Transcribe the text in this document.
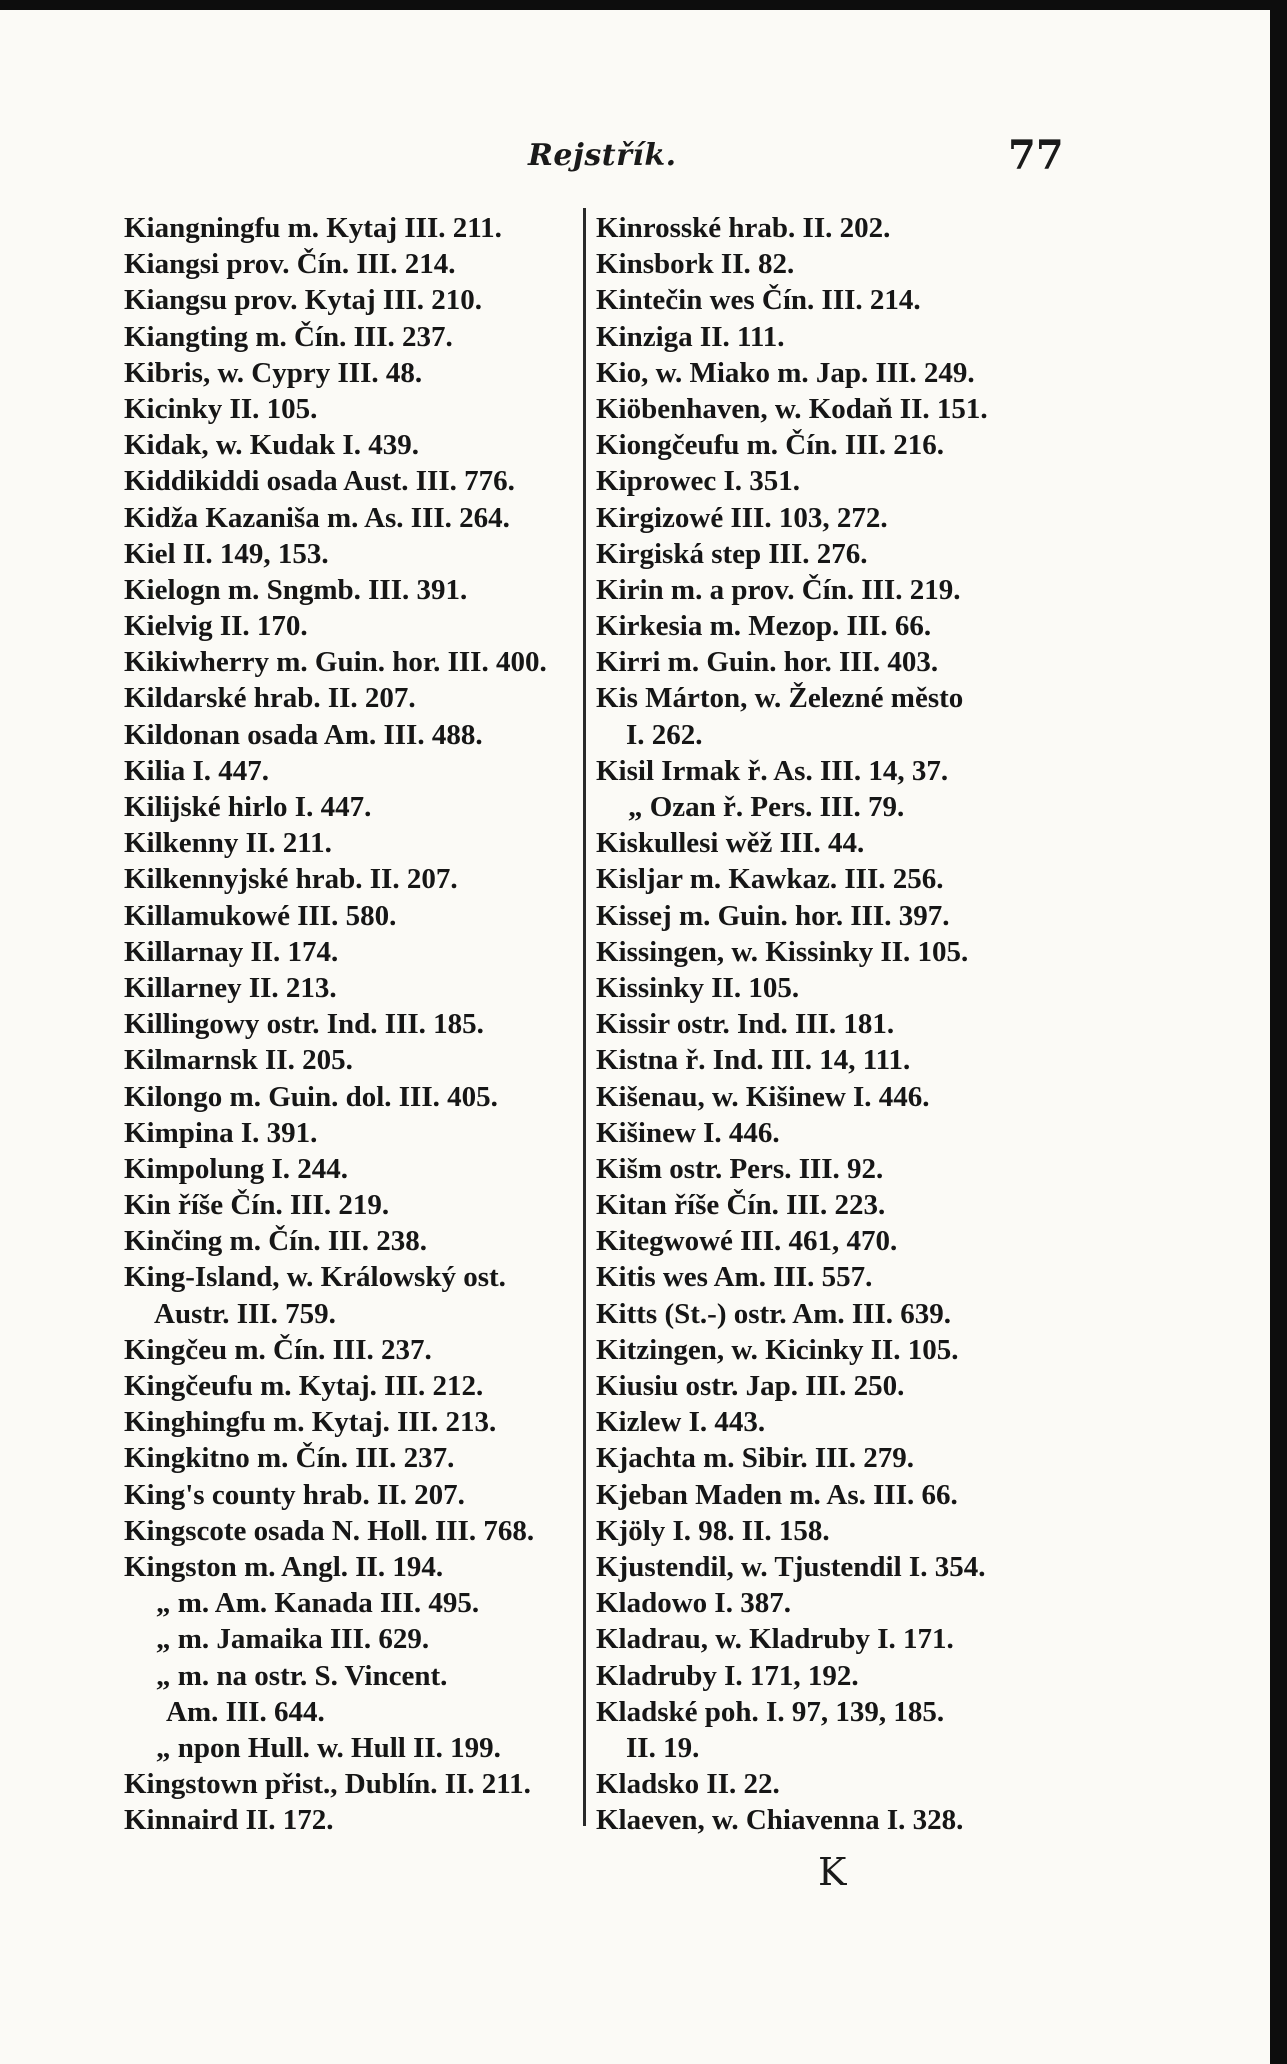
Rejstřík.	77
Kiangningfu m. Kytaj III. 211.
Kiangsi prov. Čín. III. 214.
Kiangsu prov. Kytaj III. 210.
Kiangting m. Čín. III. 237.
Kibris, w. Cypry III. 48.
Kicinky II. 105.
Kidak, w. Kudak I. 439.
Kiddikiddi osada Aust. III. 776.
Kidža Kazaniša m. As. III. 264.
Kiel II. 149, 153.
Kielogn m. Sngmb. III. 391.
Kielvig II. 170.
Kikiwherry m. Guin. hor. III. 400.
Kildarské hrab. II. 207.
Kildonan osada Am. III. 488.
Kilia I. 447.
Kilijské hirlo I. 447.
Kilkenny II. 211.
Kilkennyjské hrab. II. 207.
Killamukowé III. 580.
Killarnay II. 174.
Killarney II. 213.
Killingowy ostr. Ind. III. 185.
Kilmarnsk II. 205.
Kilongo m. Guin. dol. III. 405.
Kimpina I. 391.
Kimpolung I. 244.
Kin říše Čín. III. 219.
Kinčing m. Čín. III. 238.
King-Island, w. Králowský ost.
Austr. III. 759.
Kingčeu m. Čín. III. 237.
Kingčeufu m. Kytaj. III. 212.
Kinghingfu m. Kytaj. III. 213.
Kingkitno m. Čín. III. 237.
King's county hrab. II. 207.
Kingscote osada N. Holl. III. 768.
Kingston m. Angl. II. 194.
„ m. Am. Kanada III. 495.
„ m. Jamaika III. 629.
„ m. na ostr. S. Vincent.
Am. III. 644.
„ npon Hull. w. Hull II. 199.
Kingstown přist., Dublín. II. 211.
Kinnaird II. 172.
Kinrosské hrab. II. 202.
Kinsbork II. 82.
Kintečin wes Čín. III. 214.
Kinziga II. 111.
Kio, w. Miako m. Jap. III. 249.
Kiöbenhaven, w. Kodaň II. 151.
Kiongčeufu m. Čín. III. 216.
Kiprowec I. 351.
Kirgizowé III. 103, 272.
Kirgiská step III. 276.
Kirin m. a prov. Čín. III. 219.
Kirkesia m. Mezop. III. 66.
Kirri m. Guin. hor. III. 403.
Kis Márton, w. Železné město
I. 262.
Kisil Irmak ř. As. III. 14, 37.
„ Ozan ř. Pers. III. 79.
Kiskullesi wěž III. 44.
Kisljar m. Kawkaz. III. 256.
Kissej m. Guin. hor. III. 397.
Kissingen, w. Kissinky II. 105.
Kissinky II. 105.
Kissir ostr. Ind. III. 181.
Kistna ř. Ind. III. 14, 111.
Kišenau, w. Kišinew I. 446.
Kišinew I. 446.
Kišm ostr. Pers. III. 92.
Kitan říše Čín. III. 223.
Kitegwowé III. 461, 470.
Kitis wes Am. III. 557.
Kitts (St.-) ostr. Am. III. 639.
Kitzingen, w. Kicinky II. 105.
Kiusiu ostr. Jap. III. 250.
Kizlew I. 443.
Kjachta m. Sibir. III. 279.
Kjeban Maden m. As. III. 66.
Kjöly I. 98. II. 158.
Kjustendil, w. Tjustendil I. 354.
Kladowo I. 387.
Kladrau, w. Kladruby I. 171.
Kladruby I. 171, 192.
Kladské poh. I. 97, 139, 185.
II. 19.
Kladsko II. 22.
Klaeven, w. Chiavenna I. 328.
K
